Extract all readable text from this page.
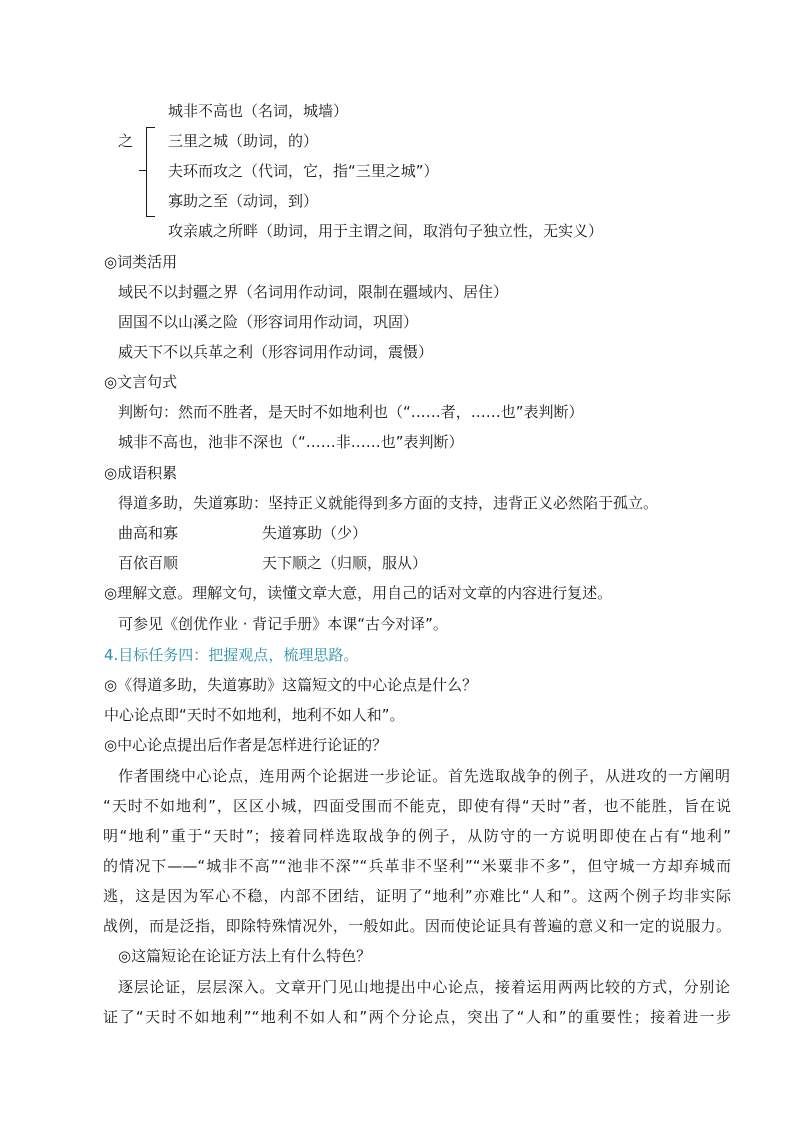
之
城非不高也（名词，城墙）
三里之城（助词，的）
夫环而攻之（代词，它，指“三里之城”）
寡助之至（动词，到）
攻亲戚之所畔（助词，用于主谓之间，取消句子独立性，无实义）
◎词类活用
域民不以封疆之界（名词用作动词，限制在疆域内、居住）
固国不以山溪之险（形容词用作动词，巩固）
威天下不以兵革之利（形容词用作动词，震慑）
◎文言句式
判断句：然而不胜者，是天时不如地利也（“……者，……也”表判断）
城非不高也，池非不深也（“……非……也”表判断）
◎成语积累
得道多助，失道寡助：坚持正义就能得到多方面的支持，违背正义必然陷于孤立。
曲高和寡	失道寡助（少）
百依百顺	天下顺之（归顺，服从）
◎理解文意。理解文句，读懂文章大意，用自己的话对文章的内容进行复述。
可参见《创优作业 · 背记手册》本课“古今对译”。
4.目标任务四：把握观点，梳理思路。
◎《得道多助，失道寡助》这篇短文的中心论点是什么？
中心论点即“天时不如地利，地利不如人和”。
◎中心论点提出后作者是怎样进行论证的？
作者围绕中心论点，连用两个论据进一步论证。首先选取战争的例子，从进攻的一方阐明
“天时不如地利”，区区小城，四面受围而不能克，即使有得“天时”者，也不能胜，旨在说
明“地利”重于“天时”；接着同样选取战争的例子，从防守的一方说明即使在占有“地利”
的情况下——“城非不高”“池非不深”“兵革非不坚利”“米粟非不多”，但守城一方却弃城而
逃，这是因为军心不稳，内部不团结，证明了“地利”亦难比“人和”。这两个例子均非实际
战例，而是泛指，即除特殊情况外，一般如此。因而使论证具有普遍的意义和一定的说服力。
◎这篇短论在论证方法上有什么特色？
逐层论证，层层深入。文章开门见山地提出中心论点，接着运用两两比较的方式，分别论
证了“天时不如地利”“地利不如人和”两个分论点，突出了“人和”的重要性；接着进一步
